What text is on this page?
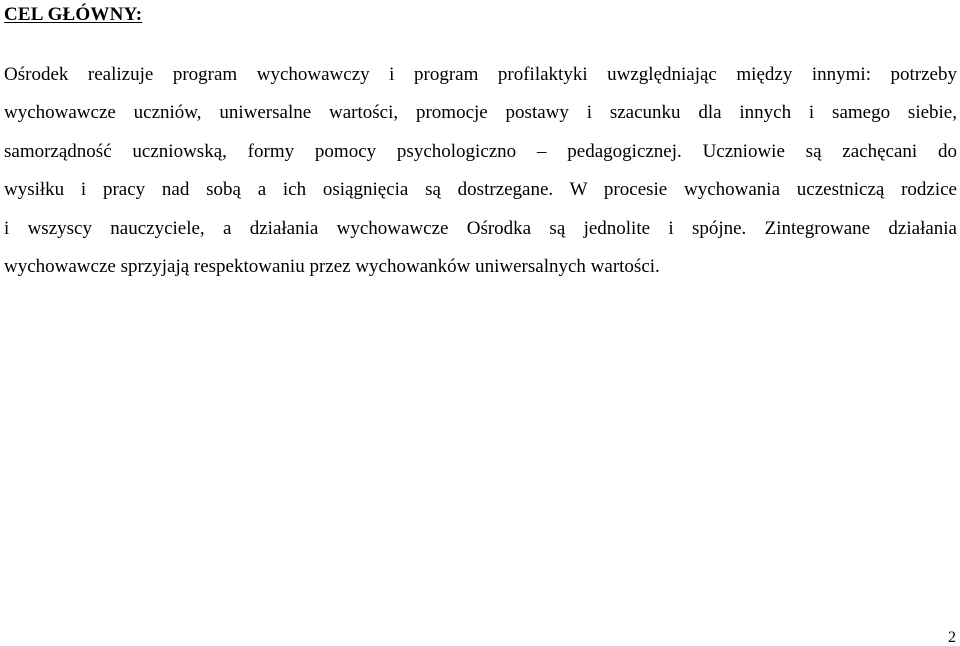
CEL GŁÓWNY:
Ośrodek realizuje program wychowawczy i program profilaktyki uwzględniając między innymi: potrzeby
wychowawcze uczniów, uniwersalne wartości, promocje postawy i szacunku dla innych i samego siebie,
samorządność uczniowską, formy pomocy psychologiczno – pedagogicznej. Uczniowie są zachęcani do
wysiłku i pracy nad sobą a ich osiągnięcia są dostrzegane. W procesie wychowania uczestniczą rodzice
i wszyscy nauczyciele, a działania wychowawcze Ośrodka są jednolite i spójne. Zintegrowane działania
wychowawcze sprzyjają respektowaniu przez wychowanków uniwersalnych wartości.
2
